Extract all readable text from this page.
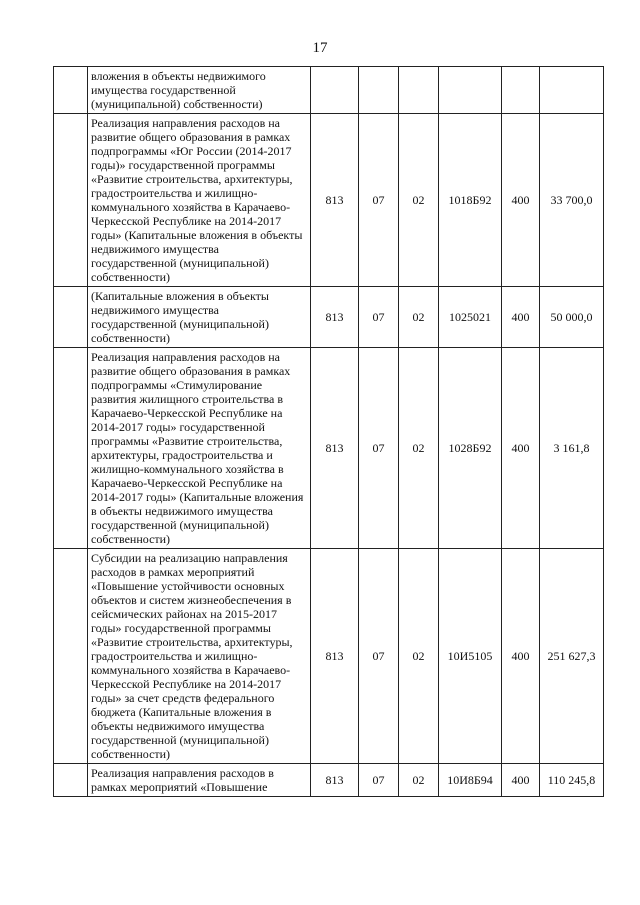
17
	вложения в объекты недвижимого имущества государственной (муниципальной) собственности)						
	Реализация направления расходов на развитие общего образования в рамках подпрограммы «Юг России (2014-2017 годы)» государственной программы «Развитие строительства, архитектуры, градостроительства и жилищно-коммунального хозяйства в Карачаево-Черкесской Республике на 2014-2017 годы» (Капитальные вложения в объекты недвижимого имущества государственной (муниципальной) собственности)	813	07	02	1018Б92	400	33 700,0
	(Капитальные вложения в объекты недвижимого имущества государственной (муниципальной) собственности)	813	07	02	1025021	400	50 000,0
	Реализация направления расходов на развитие общего образования в рамках подпрограммы «Стимулирование развития жилищного строительства в Карачаево-Черкесской Республике на 2014-2017 годы» государственной программы «Развитие строительства, архитектуры, градостроительства и жилищно-коммунального хозяйства в Карачаево-Черкесской Республике на 2014-2017 годы» (Капитальные вложения в объекты недвижимого имущества государственной (муниципальной) собственности)	813	07	02	1028Б92	400	3 161,8
	Субсидии на реализацию направления расходов в рамках мероприятий «Повышение устойчивости основных объектов и систем жизнеобеспечения в сейсмических районах на 2015-2017 годы» государственной программы «Развитие строительства, архитектуры, градостроительства и жилищно-коммунального хозяйства в Карачаево-Черкесской Республике на 2014-2017 годы» за счет средств федерального бюджета (Капитальные вложения в объекты недвижимого имущества государственной (муниципальной) собственности)	813	07	02	10И5105	400	251 627,3
	Реализация направления расходов в рамках мероприятий «Повышение	813	07	02	10И8Б94	400	110 245,8
